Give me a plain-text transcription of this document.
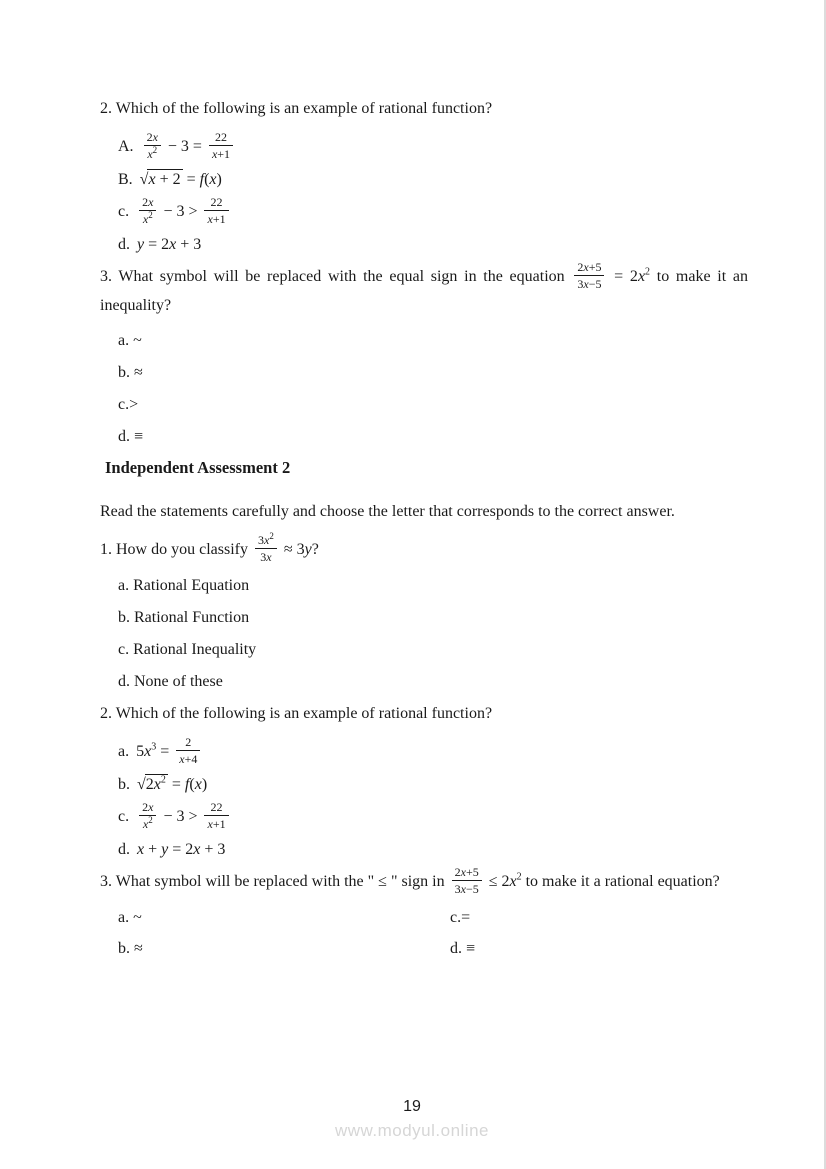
2. Which of the following is an example of rational function?

A. $\frac{2x}{x^2} - 3 = \frac{22}{x+1}$
B. √x + 2 = f(x)
c. $\frac{2x}{x^2} - 3 > \frac{22}{x+1}$
d. y = 2x + 3

3. What symbol will be replaced with the equal sign in the equation $\frac{2x+5}{3x-5} = 2x^2$ to make it an inequality?

a. ~
b. ≈
c.>
d. ≡
Independent Assessment 2

Read the statements carefully and choose the letter that corresponds to the correct answer.

1. How do you classify $\frac{3x^2}{3x} \approx 3y$?

a. Rational Equation
b. Rational Function
c. Rational Inequality
d. None of these

2. Which of the following is an example of rational function?

a. $5x^3 = \frac{2}{x+4}$
b. $√2x^2 = f(x)$
c. $\frac{2x}{x^2} - 3 > \frac{22}{x+1}$
d. x + y = 2x + 3

3. What symbol will be replaced with the " ≤ " sign in $\frac{2x+5}{3x-5} \le 2x^2$ to make it a rational equation?

a. ~	c.=
b. ≈	d. ≡
19
www.modyul.online
